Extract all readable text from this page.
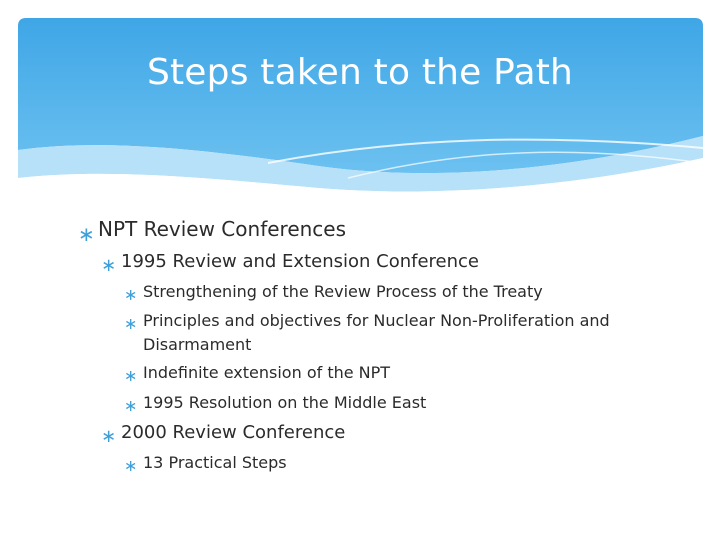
Steps taken to the Path
∗ NPT Review Conferences
∗ 1995 Review and Extension Conference
∗ Strengthening of the Review Process of the Treaty
∗ Principles and objectives for Nuclear Non-Proliferation and
Disarmament
∗ Indefinite extension of the NPT
∗ 1995 Resolution on the Middle East
∗ 2000 Review Conference
∗ 13 Practical Steps
